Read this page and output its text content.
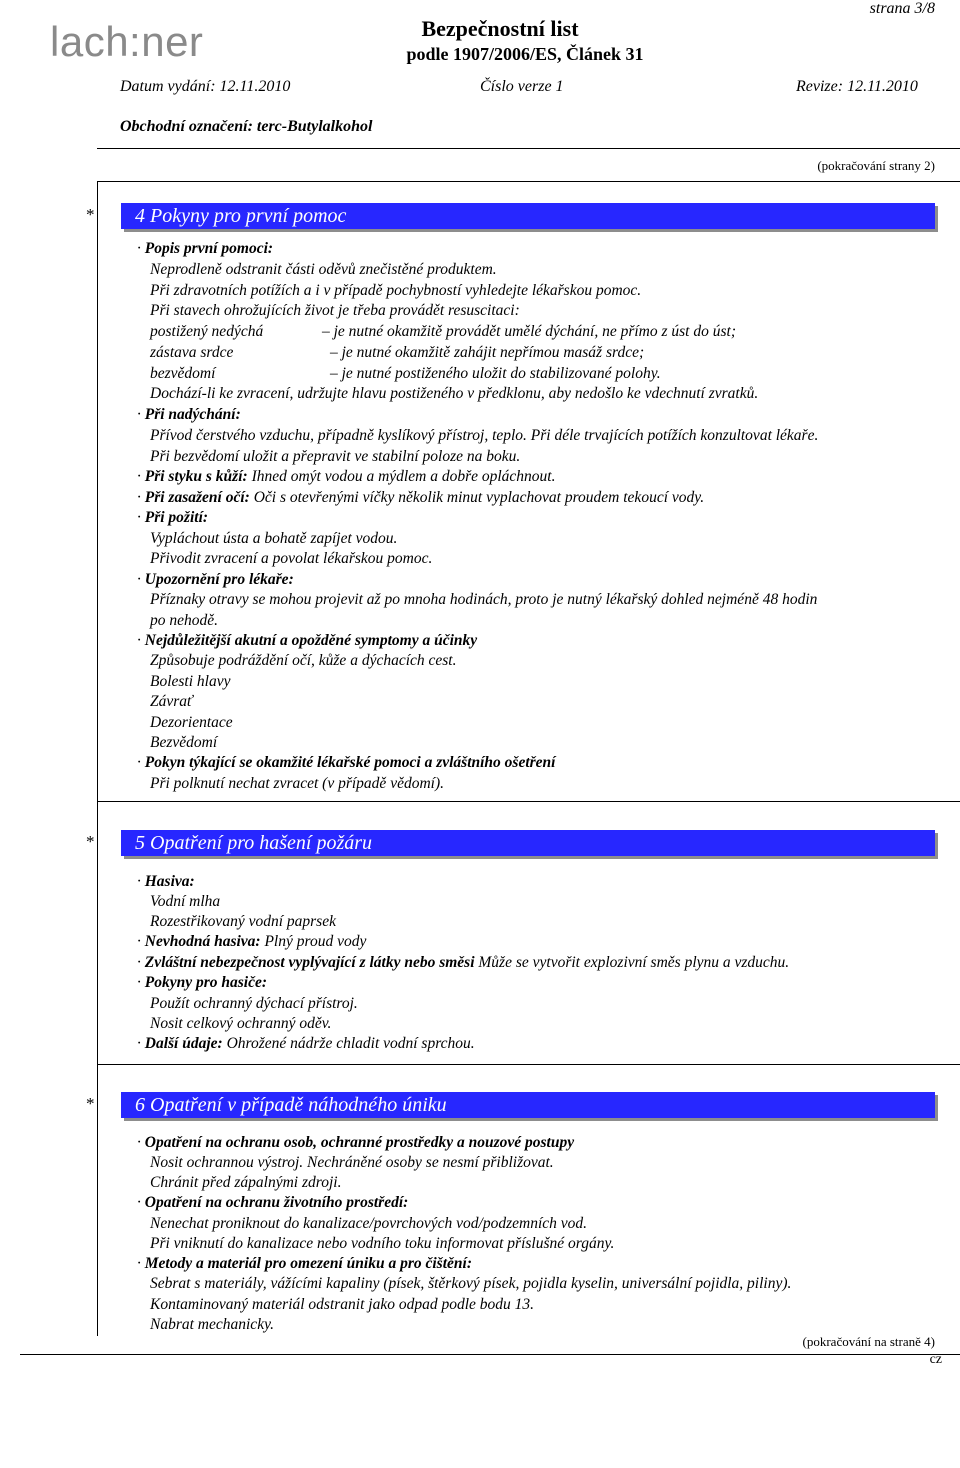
lach:ner
strana 3/8
Bezpečnostní list
podle 1907/2006/ES, Článek 31
Datum vydání: 12.11.2010	Číslo verze 1	Revize: 12.11.2010
Obchodní označení: terc-Butylalkohol
(pokračování strany 2)
* 4 Pokyny pro první pomoc
· Popis první pomoci:
Neprodleně odstranit části oděvů znečistěné produktem.
Při zdravotních potížích a i v případě pochybností vyhledejte lékařskou pomoc.
Při stavech ohrožujících život je třeba provádět resuscitaci:
postižený nedýchá	– je nutné okamžitě provádět umělé dýchání, ne přímo z úst do úst;
zástava srdce	– je nutné okamžitě zahájit nepřímou masáž srdce;
bezvědomí	– je nutné postiženého uložit do stabilizované polohy.
Dochází-li ke zvracení, udržujte hlavu postiženého v předklonu, aby nedošlo ke vdechnutí zvratků.
· Při nadýchání:
Přívod čerstvého vzduchu, případně kyslíkový přístroj, teplo. Při déle trvajících potížích konzultovat lékaře.
Při bezvědomí uložit a přepravit ve stabilní poloze na boku.
· Při styku s kůží: Ihned omýt vodou a mýdlem a dobře opláchnout.
· Při zasažení očí: Oči s otevřenými víčky několik minut vyplachovat proudem tekoucí vody.
· Při požití:
Vypláchout ústa a bohatě zapíjet vodou.
Přivodit zvracení a povolat lékařskou pomoc.
· Upozornění pro lékaře:
Příznaky otravy se mohou projevit až po mnoha hodinách, proto je nutný lékařský dohled nejméně 48 hodin
po nehodě.
· Nejdůležitější akutní a opožděné symptomy a účinky
Způsobuje podráždění očí, kůže a dýchacích cest.
Bolesti hlavy
Závrať
Dezorientace
Bezvědomí
· Pokyn týkající se okamžité lékařské pomoci a zvláštního ošetření
Při polknutí nechat zvracet (v případě vědomí).
* 5 Opatření pro hašení požáru
· Hasiva:
Vodní mlha
Rozestřikovaný vodní paprsek
· Nevhodná hasiva: Plný proud vody
· Zvláštní nebezpečnost vyplývající z látky nebo směsi Může se vytvořit explozivní směs plynu a vzduchu.
· Pokyny pro hasiče:
Použít ochranný dýchací přístroj.
Nosit celkový ochranný oděv.
· Další údaje: Ohrožené nádrže chladit vodní sprchou.
* 6 Opatření v případě náhodného úniku
· Opatření na ochranu osob, ochranné prostředky a nouzové postupy
Nosit ochrannou výstroj. Nechráněné osoby se nesmí přibližovat.
Chránit před zápalnými zdroji.
· Opatření na ochranu životního prostředí:
Nenechat proniknout do kanalizace/povrchových vod/podzemních vod.
Při vniknutí do kanalizace nebo vodního toku informovat příslušné orgány.
· Metody a materiál pro omezení úniku a pro čištění:
Sebrat s materiály, vážícími kapaliny (písek, štěrkový písek, pojidla kyselin, universální pojidla, piliny).
Kontaminovaný materiál odstranit jako odpad podle bodu 13.
Nabrat mechanicky.
(pokračování na straně 4)
cz
